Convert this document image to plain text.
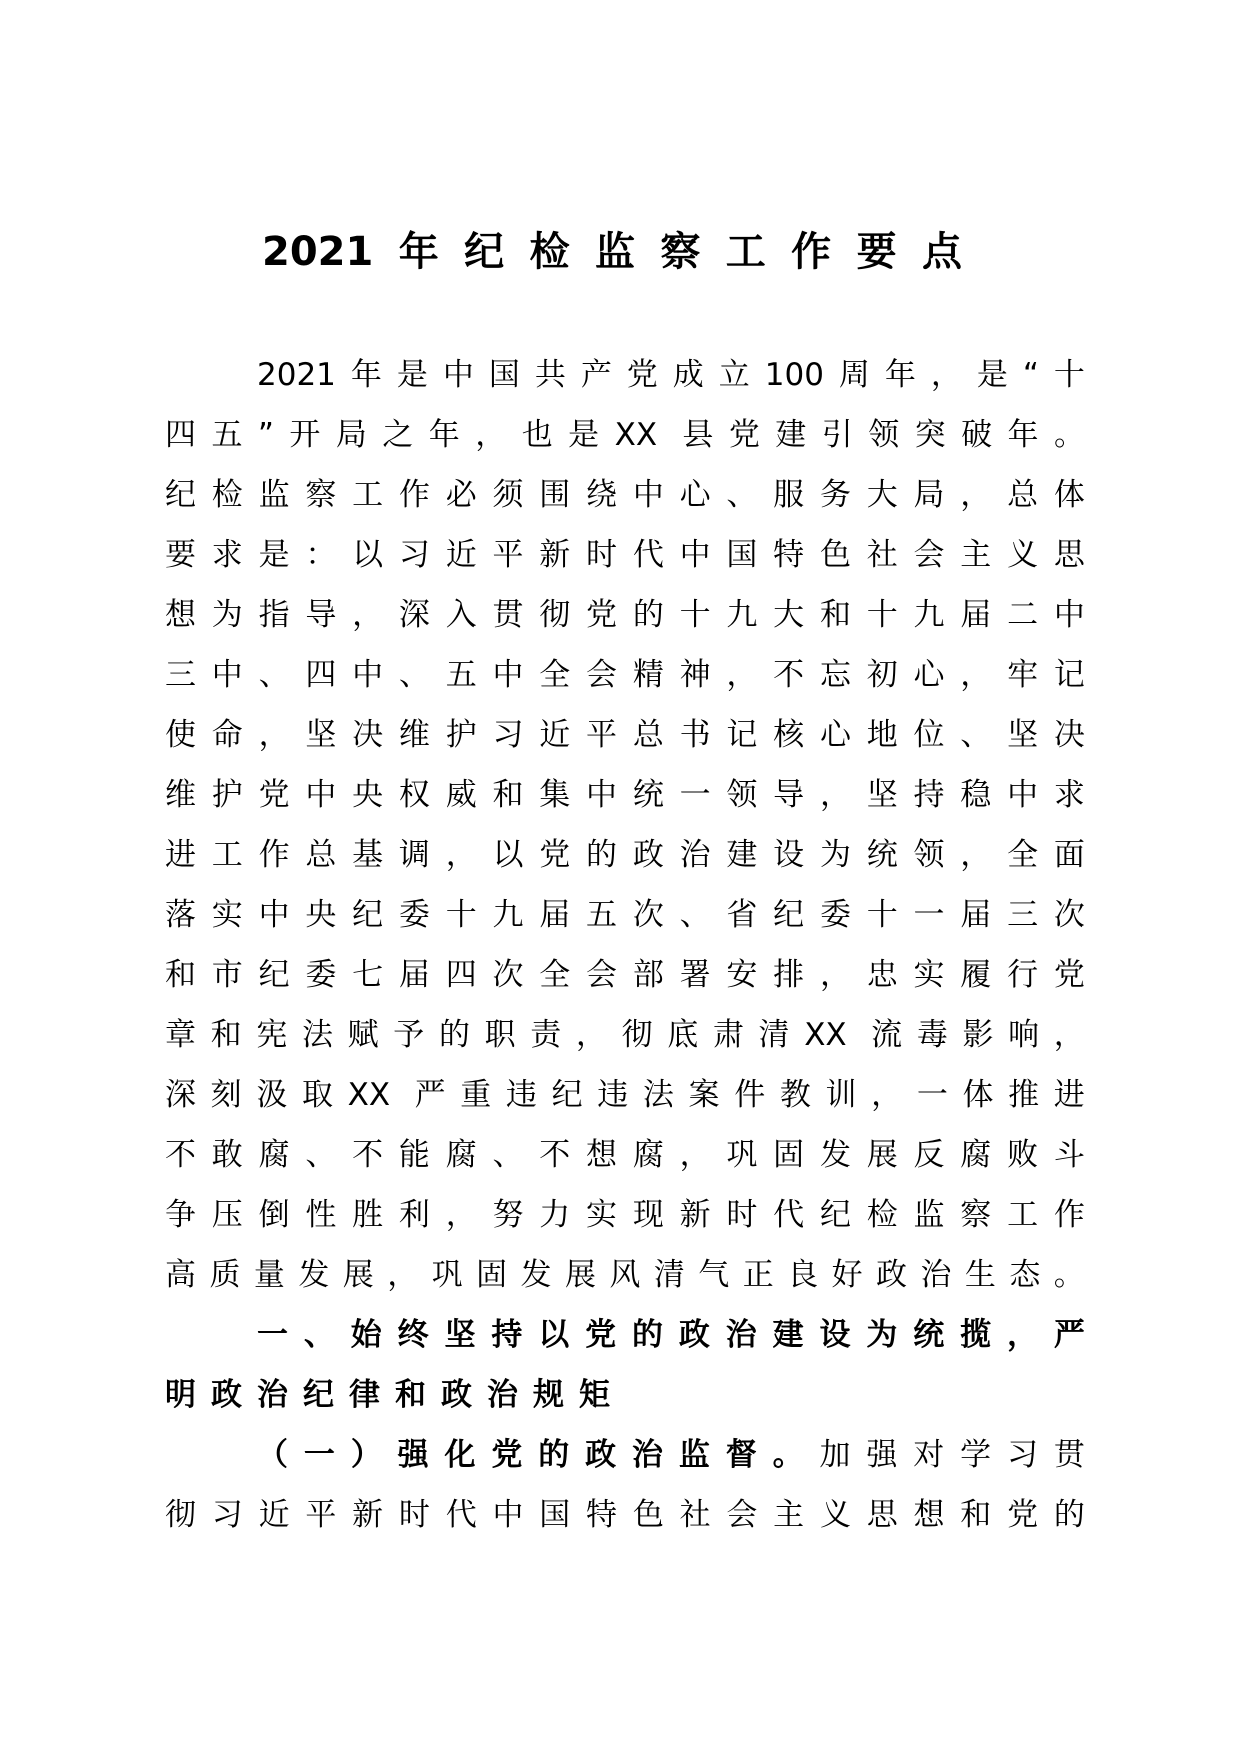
2021 年 纪 检 监 察 工 作 要 点
2021 年 是 中 国 共 产 党 成 立 100 周 年 ， 是 “ 十
四 五 ” 开 局 之 年 ， 也 是 XX 县 党 建 引 领 突 破 年 。
纪 检 监 察 工 作 必 须 围 绕 中 心 、 服 务 大 局 ， 总 体
要 求 是 ： 以 习 近 平 新 时 代 中 国 特 色 社 会 主 义 思
想 为 指 导 ， 深 入 贯 彻 党 的 十 九 大 和 十 九 届 二 中
三 中 、 四 中 、 五 中 全 会 精 神 ， 不 忘 初 心 ， 牢 记
使 命 ， 坚 决 维 护 习 近 平 总 书 记 核 心 地 位 、 坚 决
维 护 党 中 央 权 威 和 集 中 统 一 领 导 ， 坚 持 稳 中 求
进 工 作 总 基 调 ， 以 党 的 政 治 建 设 为 统 领 ， 全 面
落 实 中 央 纪 委 十 九 届 五 次 、 省 纪 委 十 一 届 三 次
和 市 纪 委 七 届 四 次 全 会 部 署 安 排 ， 忠 实 履 行 党
章 和 宪 法 赋 予 的 职 责 ， 彻 底 肃 清 XX 流 毒 影 响 ，
深 刻 汲 取 XX 严 重 违 纪 违 法 案 件 教 训 ， 一 体 推 进
不 敢 腐 、 不 能 腐 、 不 想 腐 ， 巩 固 发 展 反 腐 败 斗
争 压 倒 性 胜 利 ， 努 力 实 现 新 时 代 纪 检 监 察 工 作
高 质 量 发 展 ， 巩 固 发 展 风 清 气 正 良 好 政 治 生 态 。
一 、 始 终 坚 持 以 党 的 政 治 建 设 为 统 揽 ， 严
明 政 治 纪 律 和 政 治 规 矩
（ 一 ） 强 化 党 的 政 治 监 督 。 加 强 对 学 习 贯
彻 习 近 平 新 时 代 中 国 特 色 社 会 主 义 思 想 和 党 的
